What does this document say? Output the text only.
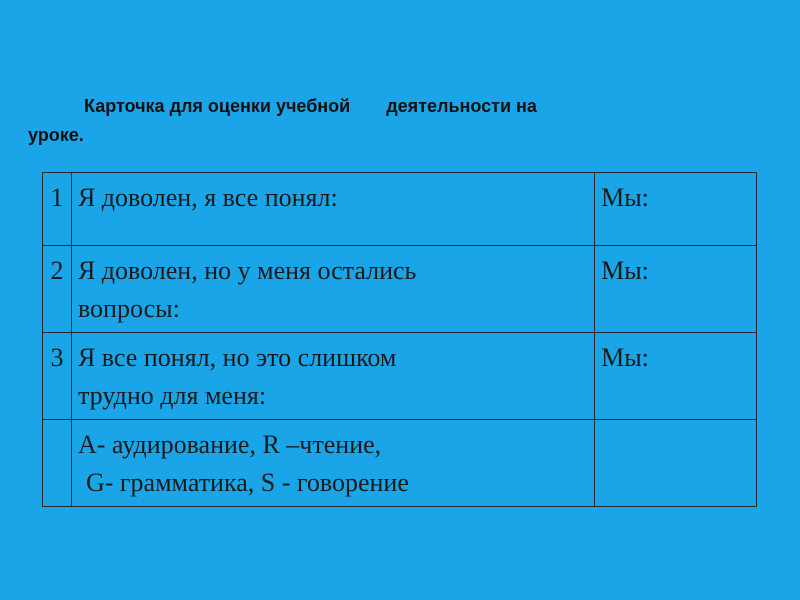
Карточка для оценки учебной деятельности на
уроке.
1	Я доволен, я все понял:	Мы:
2	Я доволен, но у меня остались
вопросы:	Мы:
3	Я все понял, но это слишком
трудно для меня:	Мы:

	А- аудирование, R –чтение,
G- грамматика, S - говорение	
